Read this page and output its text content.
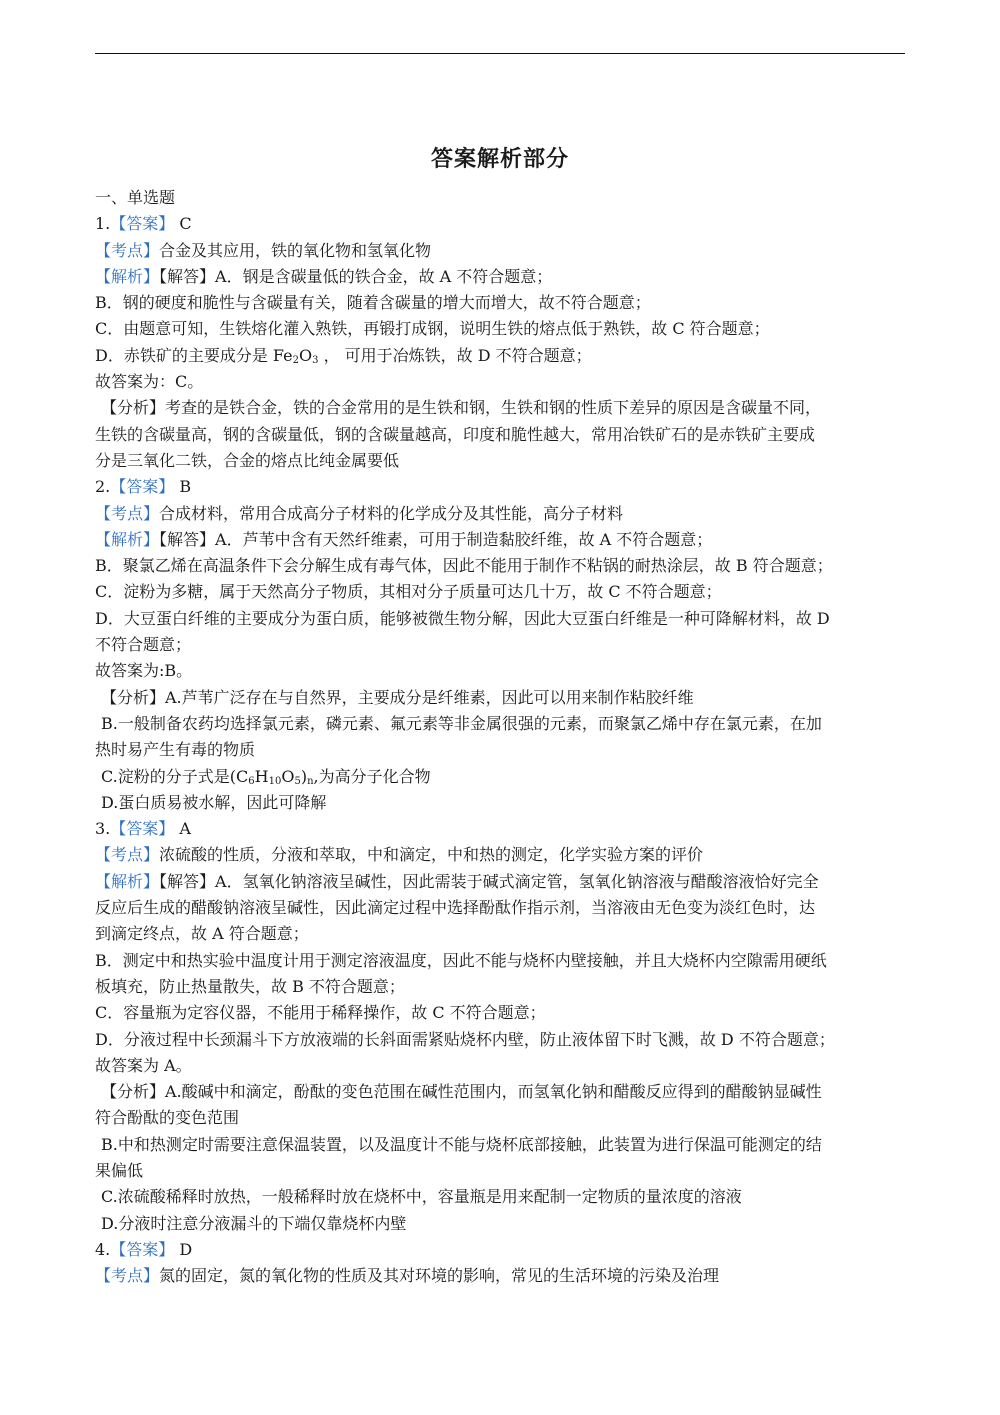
答案解析部分
一、单选题
1.【答案】 C
【考点】合金及其应用，铁的氧化物和氢氧化物
【解析】【解答】A．钢是含碳量低的铁合金，故 A 不符合题意；
B．钢的硬度和脆性与含碳量有关，随着含碳量的增大而增大，故不符合题意；
C．由题意可知，生铁熔化灌入熟铁，再锻打成钢，说明生铁的熔点低于熟铁，故 C 符合题意；
D．赤铁矿的主要成分是 $Fe_2O_3$ ， 可用于冶炼铁，故 D 不符合题意；
故答案为：C。
【分析】考查的是铁合金，铁的合金常用的是生铁和钢，生铁和钢的性质下差异的原因是含碳量不同，
生铁的含碳量高，钢的含碳量低，钢的含碳量越高，印度和脆性越大，常用冶铁矿石的是赤铁矿主要成
分是三氧化二铁，合金的熔点比纯金属要低
2.【答案】 B
【考点】合成材料，常用合成高分子材料的化学成分及其性能，高分子材料
【解析】【解答】A．芦苇中含有天然纤维素，可用于制造黏胶纤维，故 A 不符合题意；
B．聚氯乙烯在高温条件下会分解生成有毒气体，因此不能用于制作不粘锅的耐热涂层，故 B 符合题意；
C．淀粉为多糖，属于天然高分子物质，其相对分子质量可达几十万，故 C 不符合题意；
D．大豆蛋白纤维的主要成分为蛋白质，能够被微生物分解，因此大豆蛋白纤维是一种可降解材料，故 D
不符合题意；
故答案为:B。
【分析】A.芦苇广泛存在与自然界，主要成分是纤维素，因此可以用来制作粘胶纤维
B.一般制备农药均选择氯元素，磷元素、氟元素等非金属很强的元素，而聚氯乙烯中存在氯元素，在加
热时易产生有毒的物质
C.淀粉的分子式是$(C_6H_{10}O_5)_n$,为高分子化合物
D.蛋白质易被水解，因此可降解
3.【答案】 A
【考点】浓硫酸的性质，分液和萃取，中和滴定，中和热的测定，化学实验方案的评价
【解析】【解答】A．氢氧化钠溶液呈碱性，因此需装于碱式滴定管，氢氧化钠溶液与醋酸溶液恰好完全
反应后生成的醋酸钠溶液呈碱性，因此滴定过程中选择酚酞作指示剂，当溶液由无色变为淡红色时，达
到滴定终点，故 A 符合题意；
B．测定中和热实验中温度计用于测定溶液温度，因此不能与烧杯内壁接触，并且大烧杯内空隙需用硬纸
板填充，防止热量散失，故 B 不符合题意；
C．容量瓶为定容仪器，不能用于稀释操作，故 C 不符合题意；
D．分液过程中长颈漏斗下方放液端的长斜面需紧贴烧杯内壁，防止液体留下时飞溅，故 D 不符合题意；
故答案为 A。
【分析】A.酸碱中和滴定，酚酞的变色范围在碱性范围内，而氢氧化钠和醋酸反应得到的醋酸钠显碱性
符合酚酞的变色范围
B.中和热测定时需要注意保温装置，以及温度计不能与烧杯底部接触，此装置为进行保温可能测定的结
果偏低
C.浓硫酸稀释时放热，一般稀释时放在烧杯中，容量瓶是用来配制一定物质的量浓度的溶液
D.分液时注意分液漏斗的下端仅靠烧杯内壁
4.【答案】 D
【考点】氮的固定，氮的氧化物的性质及其对环境的影响，常见的生活环境的污染及治理
